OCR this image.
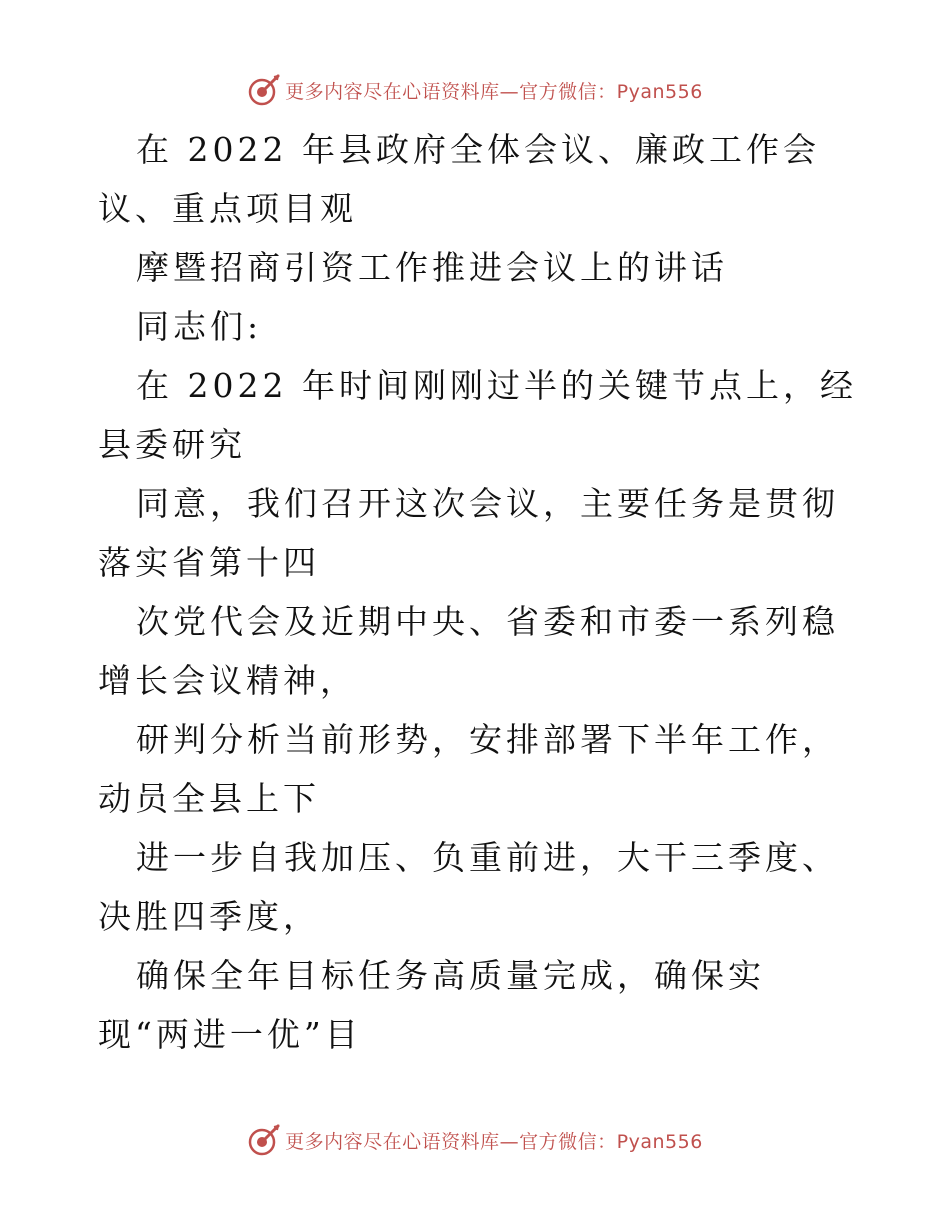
更多内容尽在心语资料库—官方微信：Pyan556

在 2022 年县政府全体会议、廉政工作会议、重点项目观

摩暨招商引资工作推进会议上的讲话

同志们:

在 2022 年时间刚刚过半的关键节点上，经县委研究

同意，我们召开这次会议，主要任务是贯彻落实省第十四

次党代会及近期中央、省委和市委一系列稳增长会议精神，

研判分析当前形势，安排部署下半年工作，动员全县上下

进一步自我加压、负重前进，大干三季度、决胜四季度，

确保全年目标任务高质量完成，确保实现“两进一优”目

更多内容尽在心语资料库—官方微信：Pyan556
